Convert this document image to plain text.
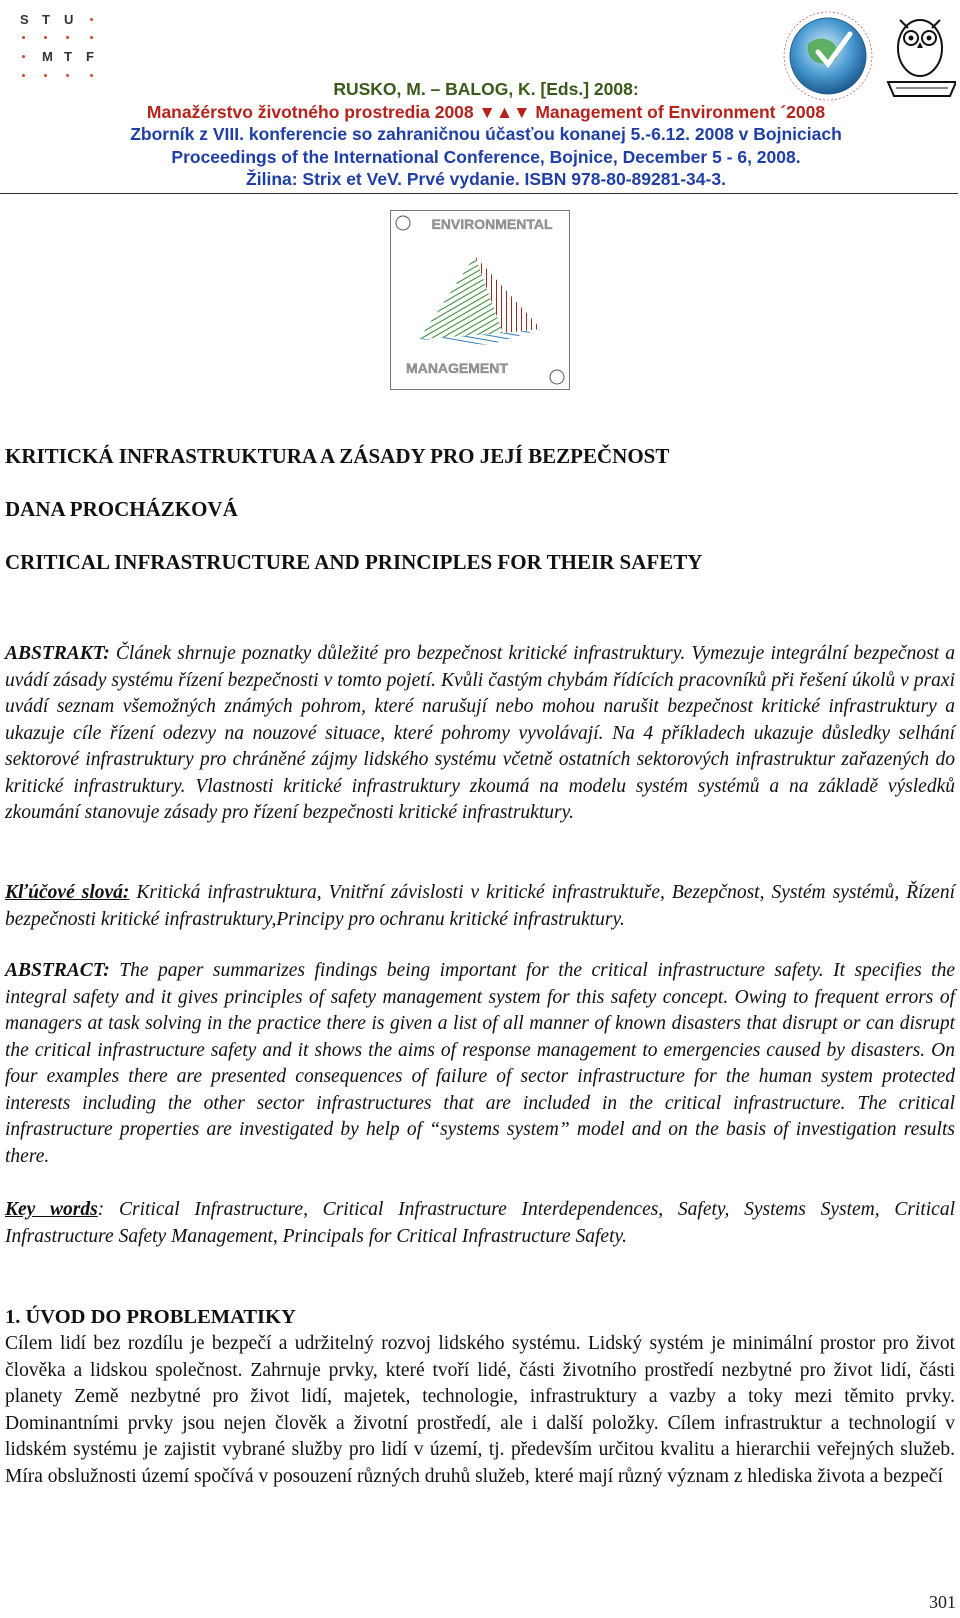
S T U
M T F
RUSKO, M. – BALOG, K. [Eds.] 2008:
Manažérstvo životného prostredia 2008 ▼▲▼ Management of Environment ´2008
Zborník z VIII. konferencie so zahraničnou účasťou konanej 5.-6.12. 2008 v Bojniciach
Proceedings of the International Conference, Bojnice, December 5 - 6, 2008.
Žilina: Strix et VeV. Prvé vydanie. ISBN 978-80-89281-34-3.
ENVIRONMENTAL
MANAGEMENT
KRITICKÁ INFRASTRUKTURA A ZÁSADY PRO JEJÍ BEZPEČNOST
DANA PROCHÁZKOVÁ
CRITICAL INFRASTRUCTURE AND PRINCIPLES FOR THEIR SAFETY
ABSTRAKT: Článek shrnuje poznatky důležité pro bezpečnost kritické infrastruktury. Vymezuje integrální bezpečnost a uvádí zásady systému řízení bezpečnosti v tomto pojetí. Kvůli častým chybám řídících pracovníků při řešení úkolů v praxi uvádí seznam všemožných známých pohrom, které narušují nebo mohou narušit bezpečnost kritické infrastruktury a ukazuje cíle řízení odezvy na nouzové situace, které pohromy vyvolávají. Na 4 příkladech ukazuje důsledky selhání sektorové infrastruktury pro chráněné zájmy lidského systému včetně ostatních sektorových infrastruktur zařazených do kritické infrastruktury. Vlastnosti kritické infrastruktury zkoumá na modelu systém systémů a na základě výsledků zkoumání stanovuje zásady pro řízení bezpečnosti kritické infrastruktury.
Kľúčové slová: Kritická infrastruktura, Vnitřní závislosti v kritické infrastruktuře, Bezepčnost, Systém systémů, Řízení bezpečnosti kritické infrastruktury,Principy pro ochranu kritické infrastruktury.
ABSTRACT: The paper summarizes findings being important for the critical infrastructure safety. It specifies the integral safety and it gives principles of safety management system for this safety concept. Owing to frequent errors of managers at task solving in the practice there is given a list of all manner of known disasters that disrupt or can disrupt the critical infrastructure safety and it shows the aims of response management to emergencies caused by disasters. On four examples there are presented consequences of failure of sector infrastructure for the human system protected interests including the other sector infrastructures that are included in the critical infrastructure. The critical infrastructure properties are investigated by help of “systems system” model and on the basis of investigation results there.
Key words: Critical Infrastructure, Critical Infrastructure Interdependences, Safety, Systems System, Critical Infrastructure Safety Management, Principals for Critical Infrastructure Safety.
1. ÚVOD DO PROBLEMATIKY
Cílem lidí bez rozdílu je bezpečí a udržitelný rozvoj lidského systému. Lidský systém je minimální prostor pro život člověka a lidskou společnost. Zahrnuje prvky, které tvoří lidé, části životního prostředí nezbytné pro život lidí, části planety Země nezbytné pro život lidí, majetek, technologie, infrastruktury a vazby a toky mezi těmito prvky. Dominantními prvky jsou nejen člověk a životní prostředí, ale i další položky. Cílem infrastruktur a technologií v lidském systému je zajistit vybrané služby pro lidí v území, tj. především určitou kvalitu a hierarchii veřejných služeb. Míra obslužnosti území spočívá v posouzení různých druhů služeb, které mají různý význam z hlediska života a bezpečí
301
